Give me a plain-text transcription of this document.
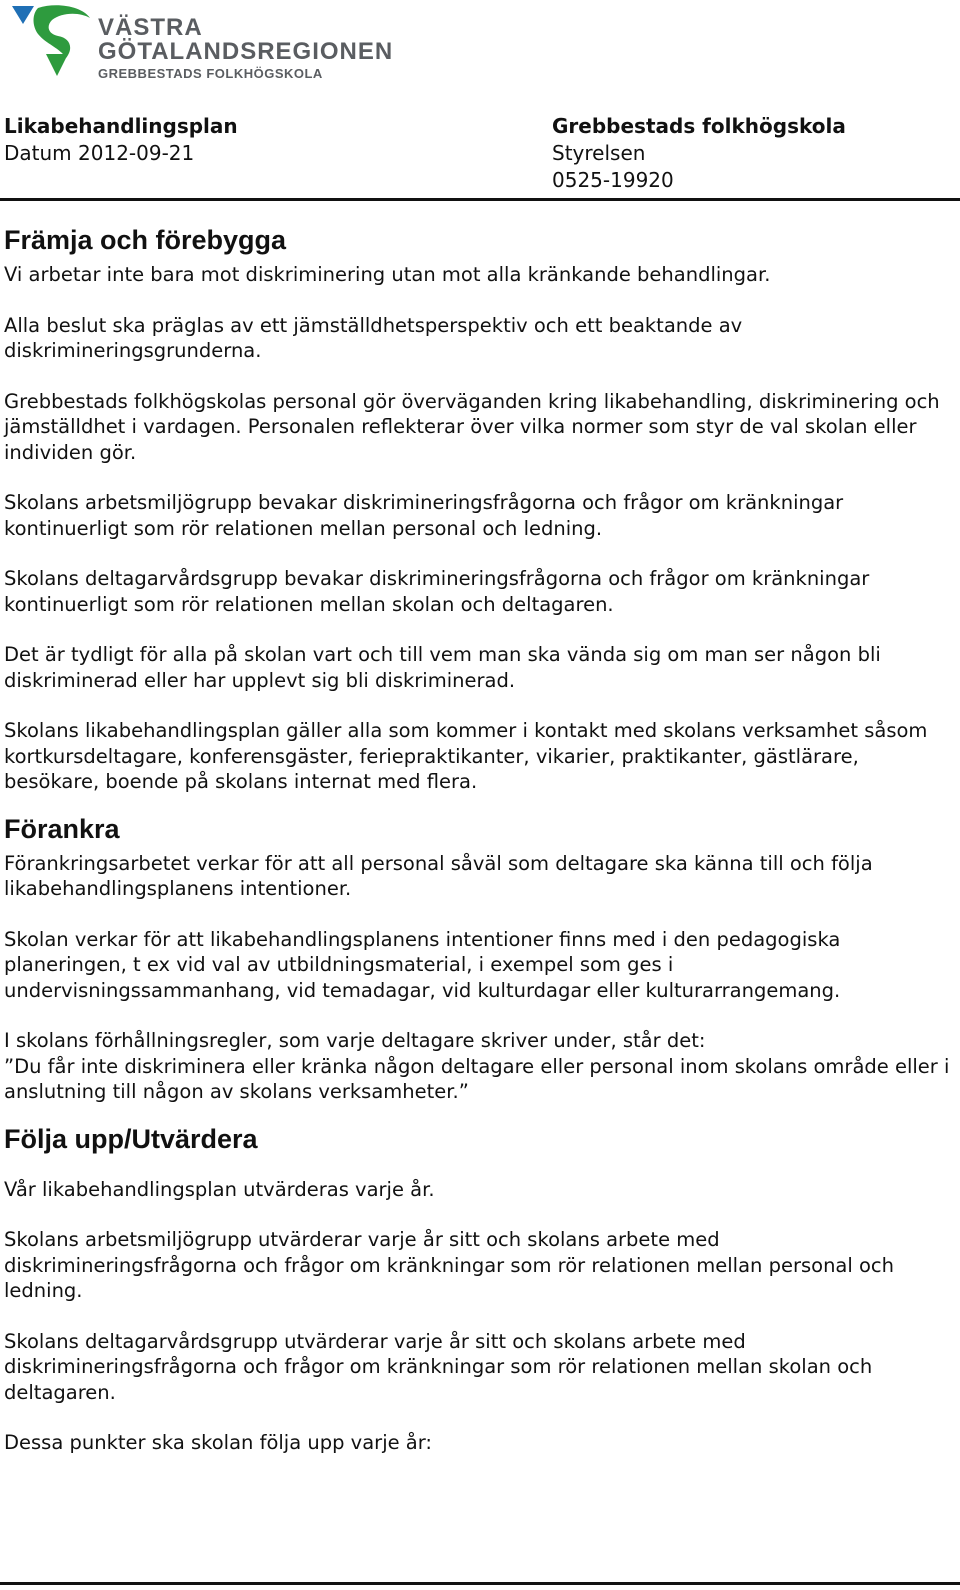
VÄSTRA
GÖTALANDSREGIONEN
GREBBESTADS FOLKHÖGSKOLA
Likabehandlingsplan
Datum 2012-09-21
Grebbestads folkhögskola
Styrelsen
0525-19920
Främja och förebygga

Vi arbetar inte bara mot diskriminering utan mot alla kränkande behandlingar.

Alla beslut ska präglas av ett jämställdhetsperspektiv och ett beaktande av diskrimineringsgrunderna.

Grebbestads folkhögskolas personal gör överväganden kring likabehandling, diskriminering och jämställdhet i vardagen. Personalen reflekterar över vilka normer som styr de val skolan eller individen gör.

Skolans arbetsmiljögrupp bevakar diskrimineringsfrågorna och frågor om kränkningar kontinuerligt som rör relationen mellan personal och ledning.

Skolans deltagarvårdsgrupp bevakar diskrimineringsfrågorna och frågor om kränkningar kontinuerligt som rör relationen mellan skolan och deltagaren.

Det är tydligt för alla på skolan vart och till vem man ska vända sig om man ser någon bli diskriminerad eller har upplevt sig bli diskriminerad.

Skolans likabehandlingsplan gäller alla som kommer i kontakt med skolans verksamhet såsom kortkursdeltagare, konferensgäster, feriepraktikanter, vikarier, praktikanter, gästlärare, besökare, boende på skolans internat med flera.

Förankra

Förankringsarbetet verkar för att all personal såväl som deltagare ska känna till och följa likabehandlingsplanens intentioner.

Skolan verkar för att likabehandlingsplanens intentioner finns med i den pedagogiska planeringen, t ex vid val av utbildningsmaterial, i exempel som ges i undervisningssammanhang, vid temadagar, vid kulturdagar eller kulturarrangemang.

I skolans förhållningsregler, som varje deltagare skriver under, står det:

”Du får inte diskriminera eller kränka någon deltagare eller personal inom skolans område eller i anslutning till någon av skolans verksamheter.”

Följa upp/Utvärdera

Vår likabehandlingsplan utvärderas varje år.

Skolans arbetsmiljögrupp utvärderar varje år sitt och skolans arbete med diskrimineringsfrågorna och frågor om kränkningar som rör relationen mellan personal och ledning.

Skolans deltagarvårdsgrupp utvärderar varje år sitt och skolans arbete med diskrimineringsfrågorna och frågor om kränkningar som rör relationen mellan skolan och deltagaren.

Dessa punkter ska skolan följa upp varje år:
